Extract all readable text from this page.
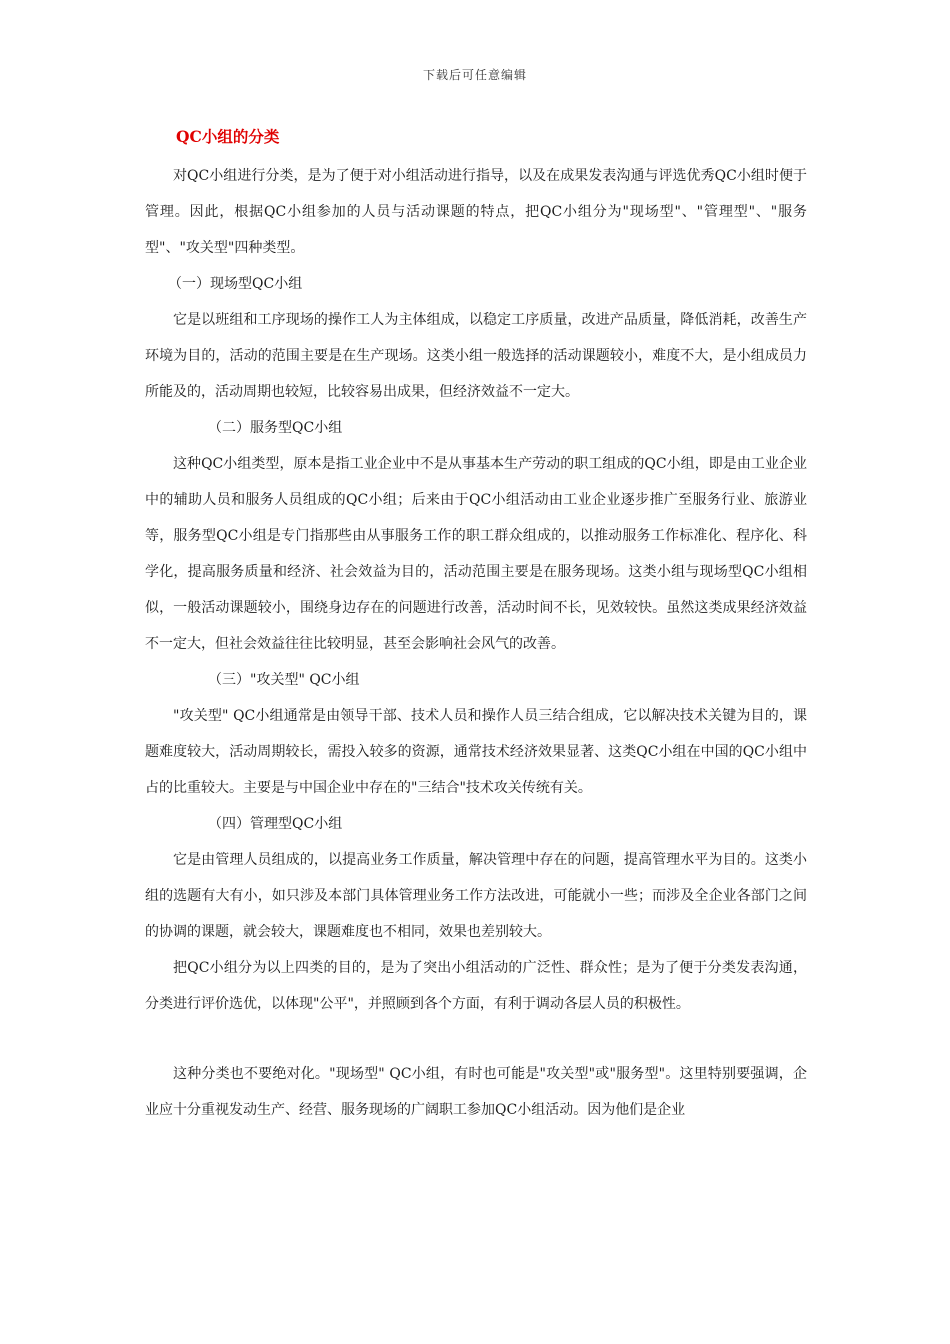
下载后可任意编辑
QC小组的分类

对QC小组进行分类，是为了便于对小组活动进行指导，以及在成果发表沟通与评选优秀QC小组时便于管理。因此，根据QC小组参加的人员与活动课题的特点，把QC小组分为"现场型"、"管理型"、"服务型"、"攻关型"四种类型。

（一）现场型QC小组

它是以班组和工序现场的操作工人为主体组成，以稳定工序质量，改进产品质量，降低消耗，改善生产环境为目的，活动的范围主要是在生产现场。这类小组一般选择的活动课题较小，难度不大，是小组成员力所能及的，活动周期也较短，比较容易出成果，但经济效益不一定大。

（二）服务型QC小组

这种QC小组类型，原本是指工业企业中不是从事基本生产劳动的职工组成的QC小组，即是由工业企业中的辅助人员和服务人员组成的QC小组；后来由于QC小组活动由工业企业逐步推广至服务行业、旅游业等，服务型QC小组是专门指那些由从事服务工作的职工群众组成的，以推动服务工作标准化、程序化、科学化，提高服务质量和经济、社会效益为目的，活动范围主要是在服务现场。这类小组与现场型QC小组相似，一般活动课题较小，围绕身边存在的问题进行改善，活动时间不长，见效较快。虽然这类成果经济效益不一定大，但社会效益往往比较明显，甚至会影响社会风气的改善。

（三）"攻关型" QC小组

"攻关型" QC小组通常是由领导干部、技术人员和操作人员三结合组成，它以解决技术关键为目的，课题难度较大，活动周期较长，需投入较多的资源，通常技术经济效果显著、这类QC小组在中国的QC小组中占的比重较大。主要是与中国企业中存在的"三结合"技术攻关传统有关。

（四）管理型QC小组

它是由管理人员组成的，以提高业务工作质量，解决管理中存在的问题，提高管理水平为目的。这类小组的选题有大有小，如只涉及本部门具体管理业务工作方法改进，可能就小一些；而涉及全企业各部门之间的协调的课题，就会较大，课题难度也不相同，效果也差别较大。

把QC小组分为以上四类的目的，是为了突出小组活动的广泛性、群众性；是为了便于分类发表沟通，分类进行评价选优，以体现"公平"，并照顾到各个方面，有利于调动各层人员的积极性。

这种分类也不要绝对化。"现场型" QC小组，有时也可能是"攻关型"或"服务型"。这里特别要强调，企业应十分重视发动生产、经营、服务现场的广阔职工参加QC小组活动。因为他们是企业
